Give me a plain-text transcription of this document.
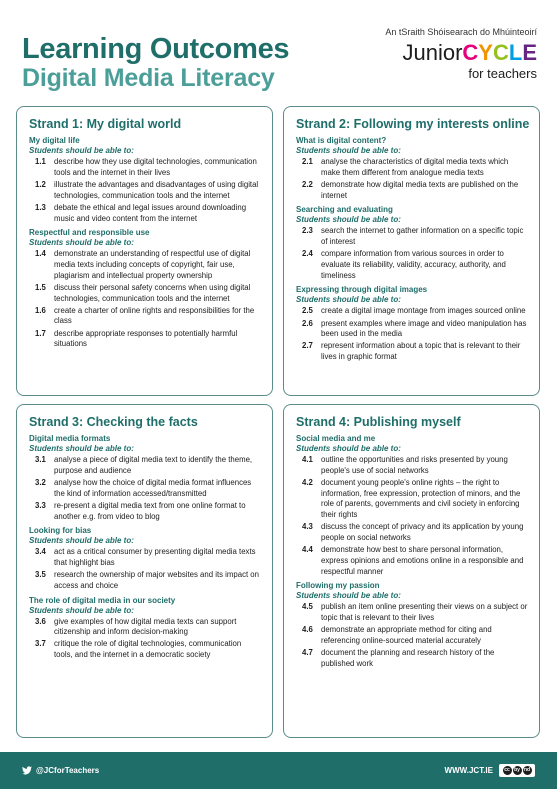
Learning Outcomes
Digital Media Literacy
An tSraith Shóisearach do Mhúinteoirí
JuniorCYCLE
for teachers
Strand 1: My digital world
My digital life
Students should be able to:
1.1	describe how they use digital technologies, communication tools and the internet in their lives
1.2	illustrate the advantages and disadvantages of using digital technologies, communication tools and the internet
1.3	debate the ethical and legal issues around downloading music and video content from the internet
Respectful and responsible use
Students should be able to:
1.4	demonstrate an understanding of respectful use of digital media texts including concepts of copyright, fair use, plagiarism and intellectual property ownership
1.5	discuss their personal safety concerns when using digital technologies, communication tools and the internet
1.6	create a charter of online rights and responsibilities for the class
1.7	describe appropriate responses to potentially harmful situations
Strand 2: Following my interests online
What is digital content?
Students should be able to:
2.1	analyse the characteristics of digital media texts which make them different from analogue media texts
2.2	demonstrate how digital media texts are published on the internet
Searching and evaluating
Students should be able to:
2.3	search the internet to gather information on a specific topic of interest
2.4	compare information from various sources in order to evaluate its reliability, validity, accuracy, authority, and timeliness
Expressing through digital images
Students should be able to:
2.5	create a digital image montage from images sourced online
2.6	present examples where image and video manipulation has been used in the media
2.7	represent information about a topic that is relevant to their lives in graphic format
Strand 3: Checking the facts
Digital media formats
Students should be able to:
3.1	analyse a piece of digital media text to identify the theme, purpose and audience
3.2	analyse how the choice of digital media format influences the kind of information accessed/transmitted
3.3	re-present a digital media text from one online format to another e.g. from video to blog
Looking for bias
Students should be able to:
3.4	act as a critical consumer by presenting digital media texts that highlight bias
3.5	research the ownership of major websites and its impact on access and choice
The role of digital media in our society
Students should be able to:
3.6	give examples of how digital media texts can support citizenship and inform decision-making
3.7	critique the role of digital technologies, communication tools, and the internet in a democratic society
Strand 4: Publishing myself
Social media and me
Students should be able to:
4.1	outline the opportunities and risks presented by young people's use of social networks
4.2	document young people's online rights – the right to information, free expression, protection of minors, and the role of parents, governments and civil society in enforcing their rights
4.3	discuss the concept of privacy and its application by young people on social networks
4.4	demonstrate how best to share personal information, express opinions and emotions online in a responsible and respectful manner
Following my passion
Students should be able to:
4.5	publish an item online presenting their views on a subject or topic that is relevant to their lives
4.6	demonstrate an appropriate method for citing and referencing online-sourced material accurately
4.7	document the planning and research history of the published work
@JCforTeachers	WWW.JCT.IE	cc by nd
